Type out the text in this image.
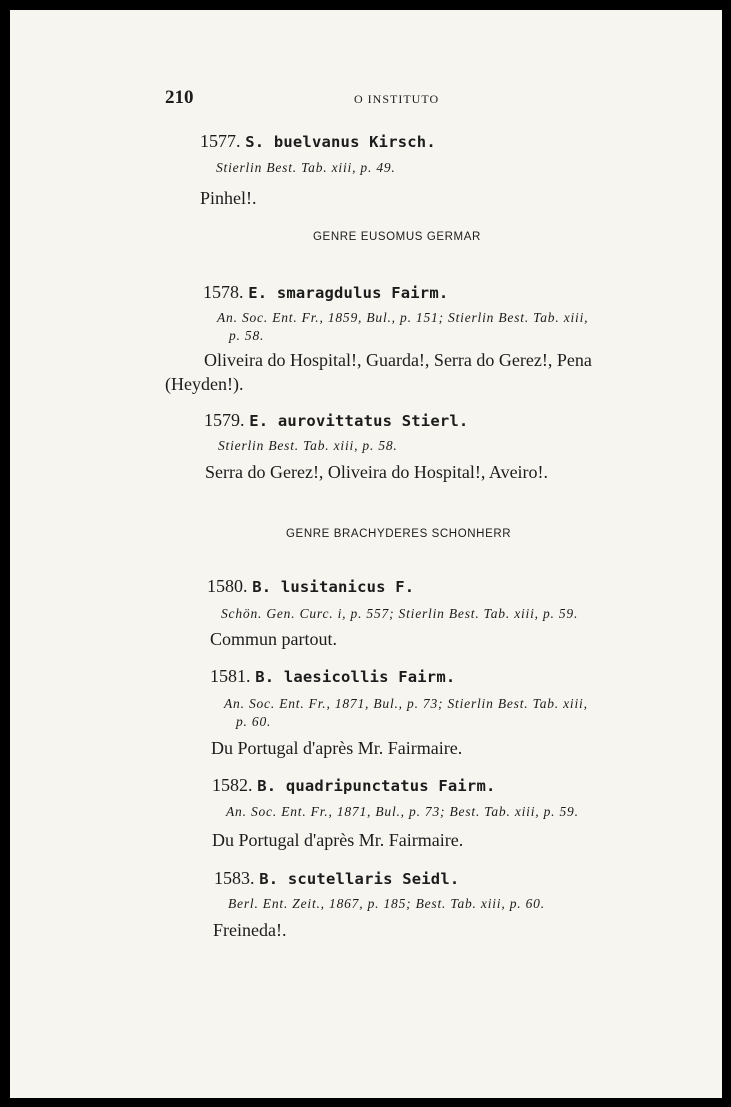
210	O INSTITUTO
1577. S. buelvanus Kirsch.
Stierlin Best. Tab. xiii, p. 49.
Pinhel!.
GENRE EUSOMUS GERMAR
1578. E. smaragdulus Fairm.
An. Soc. Ent. Fr., 1859, Bul., p. 151; Stierlin Best. Tab. xiii,
p. 58.
Oliveira do Hospital!, Guarda!, Serra do Gerez!, Pena
(Heyden!).
1579. E. aurovittatus Stierl.
Stierlin Best. Tab. xiii, p. 58.
Serra do Gerez!, Oliveira do Hospital!, Aveiro!.
GENRE BRACHYDERES SCHONHERR
1580. B. lusitanicus F.
Schön. Gen. Curc. i, p. 557; Stierlin Best. Tab. xiii, p. 59.
Commun partout.
1581. B. laesicollis Fairm.
An. Soc. Ent. Fr., 1871, Bul., p. 73; Stierlin Best. Tab. xiii,
p. 60.
Du Portugal d'après Mr. Fairmaire.
1582. B. quadripunctatus Fairm.
An. Soc. Ent. Fr., 1871, Bul., p. 73; Best. Tab. xiii, p. 59.
Du Portugal d'après Mr. Fairmaire.
1583. B. scutellaris Seidl.
Berl. Ent. Zeit., 1867, p. 185; Best. Tab. xiii, p. 60.
Freineda!.
